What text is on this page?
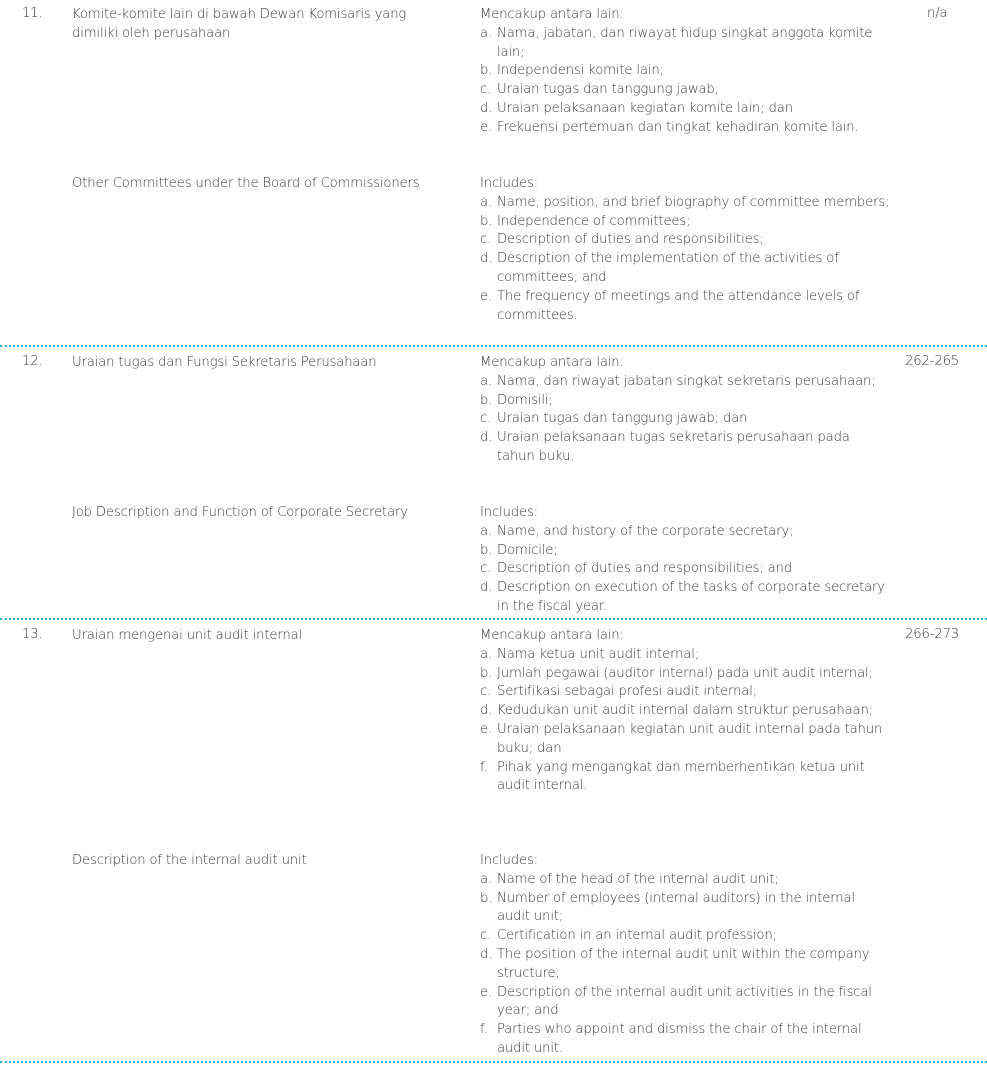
11.	Komite-komite lain di bawah Dewan Komisaris yang dimiliki oleh perusahaan
n/a
Mencakup antara lain:
a. Nama, jabatan, dan riwayat hidup singkat anggota komite lain;
b. Independensi komite lain;
c. Uraian tugas dan tanggung jawab;
d. Uraian pelaksanaan kegiatan komite lain; dan
e. Frekuensi pertemuan dan tingkat kehadiran komite lain.
Other Committees under the Board of Commissioners	Includes:
a. Name, position, and brief biography of committee members;
b. Independence of committees;
c. Description of duties and responsibilities;
d. Description of the implementation of the activities of committees; and
e. The frequency of meetings and the attendance levels of committees.
12.	Uraian tugas dan Fungsi Sekretaris Perusahaan	262-265
Mencakup antara lain:
a. Nama, dan riwayat jabatan singkat sekretaris perusahaan;
b. Domisili;
c. Uraian tugas dan tanggung jawab; dan
d. Uraian pelaksanaan tugas sekretaris perusahaan pada tahun buku.
Job Description and Function of Corporate Secretary	Includes:
a. Name, and history of the corporate secretary;
b. Domicile;
c. Description of duties and responsibilities; and
d. Description on execution of the tasks of corporate secretary in the fiscal year.
13.	Uraian mengenai unit audit internal	266-273
Mencakup antara lain:
a. Nama ketua unit audit internal;
b. Jumlah pegawai (auditor internal) pada unit audit internal;
c. Sertifikasi sebagai profesi audit internal;
d. Kedudukan unit audit internal dalam struktur perusahaan;
e. Uraian pelaksanaan kegiatan unit audit internal pada tahun buku; dan
f. Pihak yang mengangkat dan memberhentikan ketua unit audit internal.
Description of the internal audit unit	Includes:
a. Name of the head of the internal audit unit;
b. Number of employees (internal auditors) in the internal audit unit;
c. Certification in an internal audit profession;
d. The position of the internal audit unit within the company structure;
e. Description of the internal audit unit activities in the fiscal year; and
f. Parties who appoint and dismiss the chair of the internal audit unit.
